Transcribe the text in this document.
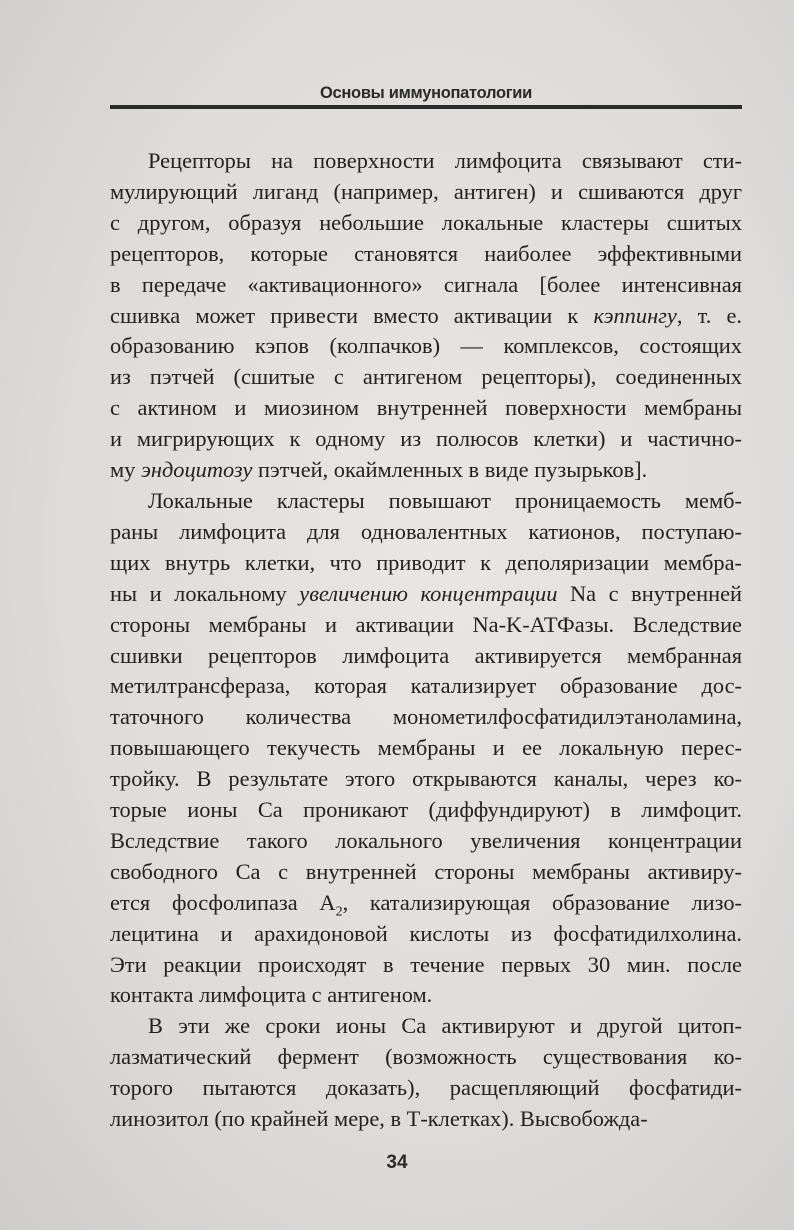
Основы иммунопатологии
Рецепторы на поверхности лимфоцита связывают сти-
мулирующий лиганд (например, антиген) и сшиваются друг
с другом, образуя небольшие локальные кластеры сшитых
рецепторов, которые становятся наиболее эффективными
в передаче «активационного» сигнала [более интенсивная
сшивка может привести вместо активации к кэппингу, т. е.
образованию кэпов (колпачков) — комплексов, состоящих
из пэтчей (сшитые с антигеном рецепторы), соединенных
с актином и миозином внутренней поверхности мембраны
и мигрирующих к одному из полюсов клетки) и частично-
му эндоцитозу пэтчей, окаймленных в виде пузырьков].
Локальные кластеры повышают проницаемость мемб-
раны лимфоцита для одновалентных катионов, поступаю-
щих внутрь клетки, что приводит к деполяризации мембра-
ны и локальному увеличению концентрации Na с внутренней
стороны мембраны и активации Na-K-АТФазы. Вследствие
сшивки рецепторов лимфоцита активируется мембранная
метилтрансфераза, которая катализирует образование дос-
таточного количества монометилфосфатидилэтаноламина,
повышающего текучесть мембраны и ее локальную перес-
тройку. В результате этого открываются каналы, через ко-
торые ионы Са проникают (диффундируют) в лимфоцит.
Вследствие такого локального увеличения концентрации
свободного Са с внутренней стороны мембраны активиру-
ется фосфолипаза $А_2$, катализирующая образование лизо-
лецитина и арахидоновой кислоты из фосфатидилхолина.
Эти реакции происходят в течение первых 30 мин. после
контакта лимфоцита с антигеном.
В эти же сроки ионы Са активируют и другой цитоп-
лазматический фермент (возможность существования ко-
торого пытаются доказать), расщепляющий фосфатиди-
линозитол (по крайней мере, в Т-клетках). Высвобожда-
34
